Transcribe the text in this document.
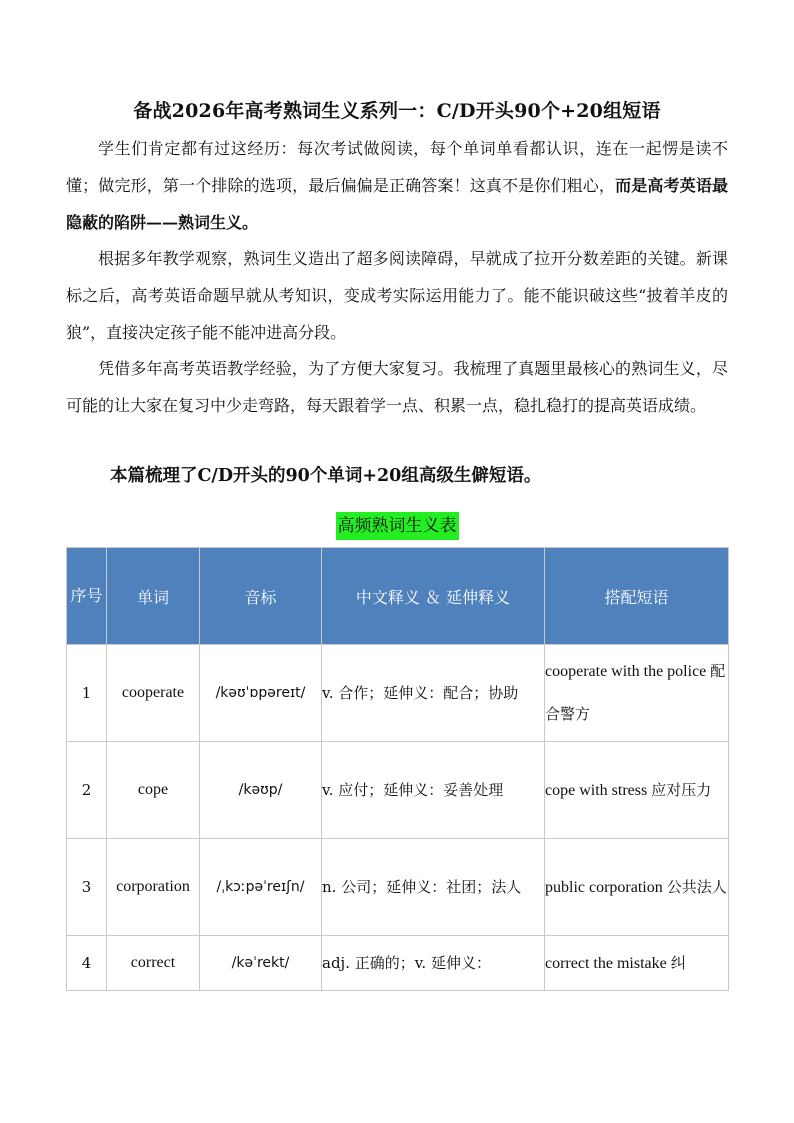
备战2026年高考熟词生义系列一：C/D开头90个+20组短语

学生们肯定都有过这经历：每次考试做阅读，每个单词单看都认识，连在一起愣是读不懂；做完形，第一个排除的选项，最后偏偏是正确答案！这真不是你们粗心，而是高考英语最隐蔽的陷阱——熟词生义。

根据多年教学观察，熟词生义造出了超多阅读障碍，早就成了拉开分数差距的关键。新课标之后，高考英语命题早就从考知识，变成考实际运用能力了。能不能识破这些“披着羊皮的狼”，直接决定孩子能不能冲进高分段。

凭借多年高考英语教学经验，为了方便大家复习。我梳理了真题里最核心的熟词生义，尽可能的让大家在复习中少走弯路，每天跟着学一点、积累一点，稳扎稳打的提高英语成绩。

本篇梳理了C/D开头的90个单词+20组高级生僻短语。
高频熟词生义表
序号	单词	音标	中文释义 ＆ 延伸释义	搭配短语
1	cooperate	/kəʊˈɒpəreɪt/	v. 合作；延伸义：配合；协助	cooperate with the police 配合警方
2	cope	/kəʊp/	v. 应付；延伸义：妥善处理	cope with stress 应对压力
3	corporation	/ˌkɔːpəˈreɪʃn/	n. 公司；延伸义：社团；法人	public corporation 公共法人
4	correct	/kəˈrekt/	adj. 正确的；v. 延伸义：	correct the mistake 纠
